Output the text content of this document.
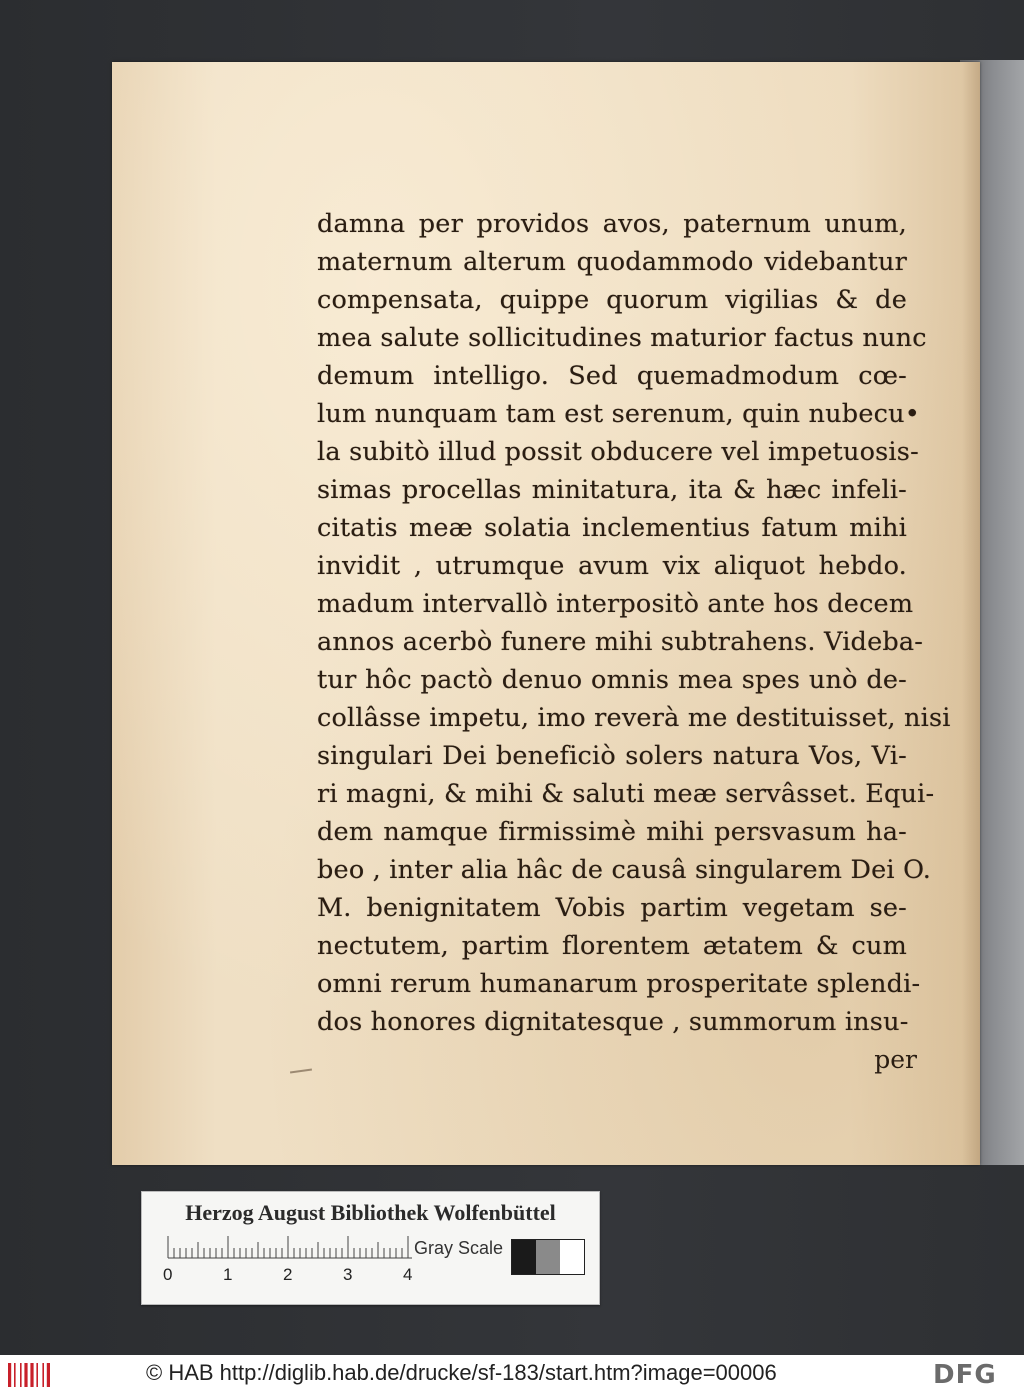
damna per providos avos, paternum unum,
maternum alterum quodammodo videbantur
compensata, quippe quorum vigilias & de
mea salute sollicitudines maturior factus nunc
demum intelligo. Sed quemadmodum cœ-
lum nunquam tam est serenum, quin nubecu•
la subitò illud possit obducere vel impetuosis-
simas procellas minitatura, ita & hæc infeli-
citatis meæ solatia inclementius fatum mihi
invidit , utrumque avum vix aliquot hebdo.
madum intervallò interpositò ante hos decem
annos acerbò funere mihi subtrahens. Videba-
tur hôc pactò denuo omnis mea spes unò de-
collâsse impetu, imo reverà me destituisset, nisi
singulari Dei beneficiò solers natura Vos, Vi-
ri magni, & mihi & saluti meæ servâsset. Equi-
dem namque firmissimè mihi persvasum ha-
beo , inter alia hâc de causâ singularem Dei O.
M. benignitatem Vobis partim vegetam se-
nectutem, partim florentem ætatem & cum
omni rerum humanarum prosperitate splendi-
dos honores dignitatesque , summorum insu-
per
Herzog August Bibliothek Wolfenbüttel
0	1	2	3	4
Gray Scale
© HAB http://diglib.hab.de/drucke/sf-183/start.htm?image=00006	DFG
